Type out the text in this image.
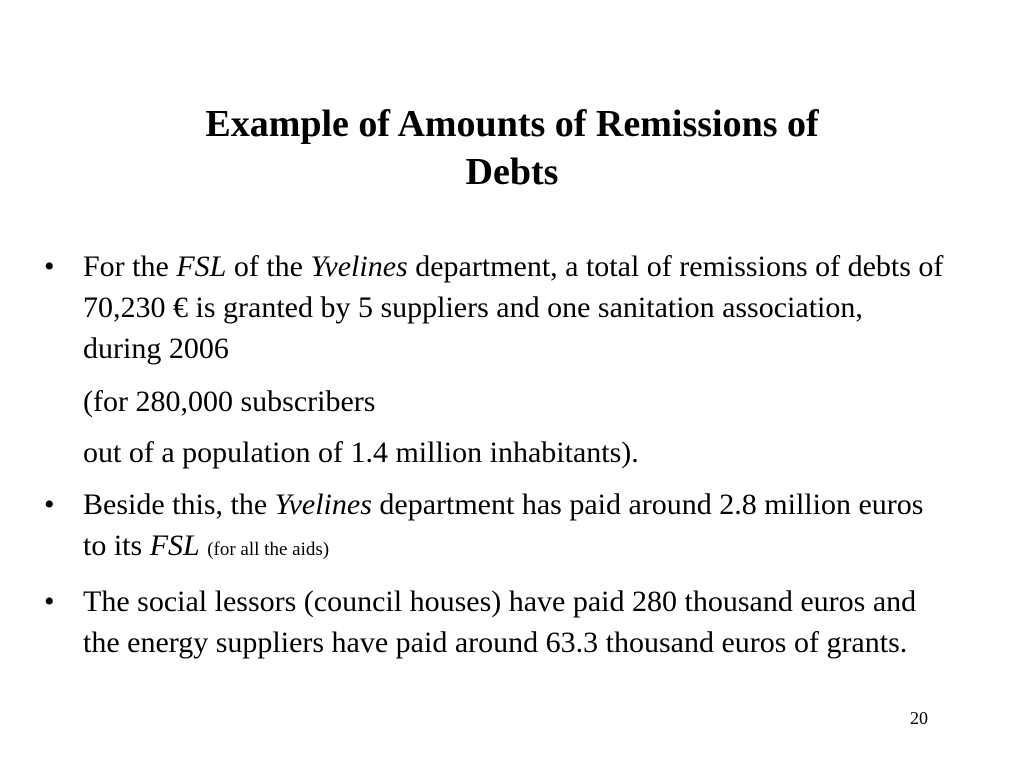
Example of Amounts of Remissions of
Debts
• For the FSL of the Yvelines department, a total of remissions of debts of 70,230 € is granted by 5 suppliers and one sanitation association, during 2006
(for 280,000 subscribers
out of a population of 1.4 million inhabitants).
• Beside this, the Yvelines department has paid around 2.8 million euros to its FSL (for all the aids)
• The social lessors (council houses) have paid 280 thousand euros and the energy suppliers have paid around 63.3 thousand euros of grants.
20
